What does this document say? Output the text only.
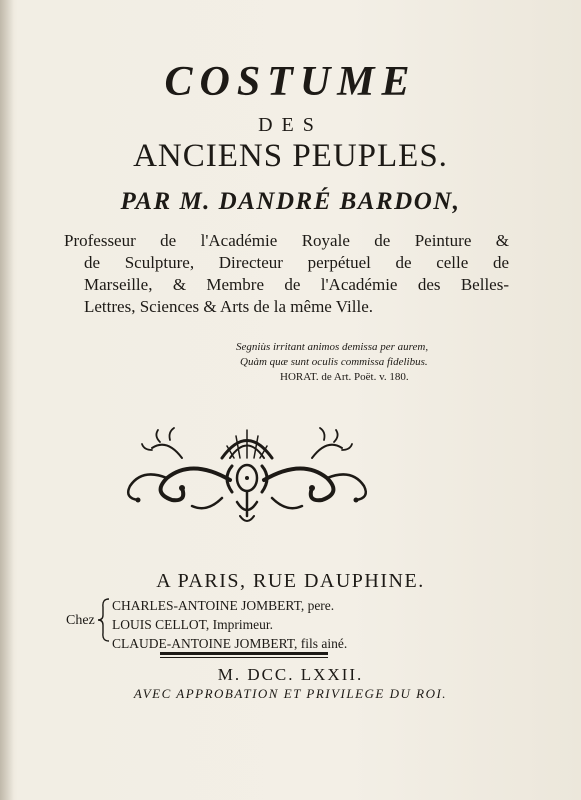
COSTUME
DES
ANCIENS PEUPLES.
PAR M. DANDRÉ BARDON,
Professeur de l'Académie Royale de Peinture &
de Sculpture, Directeur perpétuel de celle de
Marseille, & Membre de l'Académie des Belles-
Lettres, Sciences & Arts de la même Ville.
Segniùs irritant animos demissa per aurem,
Quàm quæ sunt oculis commissa fidelibus.
HORAT. de Art. Poët. v. 180.
A PARIS, RUE DAUPHINE.
Chez
CHARLES-ANTOINE JOMBERT, pere.
LOUIS CELLOT, Imprimeur.
CLAUDE-ANTOINE JOMBERT, fils ainé.
M. DCC. LXXII.
AVEC APPROBATION ET PRIVILEGE DU ROI.
